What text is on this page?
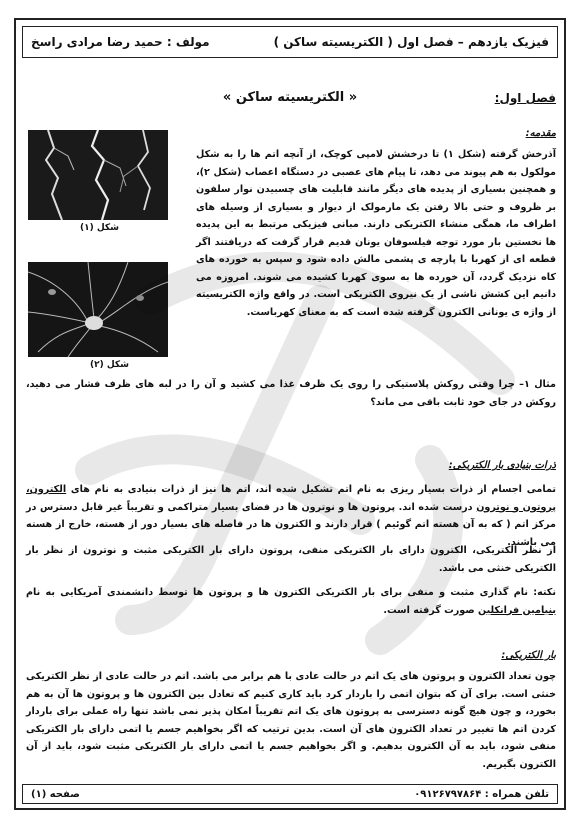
فیزیک یازدهم – فصل اول ( الکتریسیته ساکن )
مولف : حمید رضا مرادی راسخ
فصل اول:
« الکتریسیته ساکن »
مقدمه:
آذرخش گرفته (شکل ۱) تا درخشش لامپی کوچک، از آنچه اتم ها را به شکل مولکول به هم پیوند می دهد، تا پیام های عصبی در دستگاه اعصاب (شکل ۲)، و همچنین بسیاری از پدیده های دیگر مانند قابلیت های چسبیدن نوار سلفون بر ظروف و حتی بالا رفتن یک مارمولک از دیوار و بسیاری از وسیله های اطراف ما، همگی منشاء الکتریکی دارند. مبانی فیزیکی مرتبط به این پدیده ها نخستین بار مورد توجه فیلسوفان یونان قدیم قرار گرفت که دریافتند اگر قطعه ای از کهربا با پارچه ی پشمی مالش داده شود و سپس به خورده های کاه نزدیک گردد، آن خورده ها به سوی کهربا کشیده می شوند. امروزه می دانیم این کشش ناشی از یک نیروی الکتریکی است. در واقع واژه الکتریسیته از واژه ی یونانی الکترون گرفته شده است که به معنای کهرباست.
شکل (۱)
شکل (۲)
مثال ۱– چرا وقتی روکش پلاستیکی را روی یک ظرف غذا می کشید و آن را در لبه های ظرف فشار می دهید، روکش در جای خود ثابت باقی می ماند؟
ذرات بنیادی بار الکتریکی:
تمامی اجسام از ذرات بسیار ریزی به نام اتم تشکیل شده اند، اتم ها نیز از ذرات بنیادی به نام های الکترون، پروتون و نوترون درست شده اند. پروتون ها و نوترون ها در فضای بسیار متراکمی و تقریباً غیر قابل دسترس در مرکز اتم ( که به آن هسته اتم گوئیم ) قرار دارند و الکترون ها در فاصله های بسیار دور از هسته، خارج از هسته می باشند.
از نظر الکتریکی، الکترون دارای بار الکتریکی منفی، پروتون دارای بار الکتریکی مثبت و نوترون از نظر بار الکتریکی خنثی می باشد.
نکته: نام گذاری مثبت و منفی برای بار الکتریکی الکترون ها و پروتون ها توسط دانشمندی آمریکایی به نام بنیامین فرانکلین صورت گرفته است.
بار الکتریکی:
چون تعداد الکترون و پروتون های یک اتم در حالت عادی با هم برابر می باشد. اتم در حالت عادی از نظر الکتریکی خنثی است. برای آن که بتوان اتمی را باردار کرد باید کاری کنیم که تعادل بین الکترون ها و پروتون ها آن به هم بخورد، و چون هیچ گونه دسترسی به پروتون های یک اتم تقریباً امکان پذیر نمی باشد تنها راه عملی برای باردار کردن اتم ها تغییر در تعداد الکترون های آن است. بدین ترتیب که اگر بخواهیم جسم یا اتمی دارای بار الکتریکی منفی شود، باید به آن الکترون بدهیم. و اگر بخواهیم جسم یا اتمی دارای بار الکتریکی مثبت شود، باید از آن الکترون بگیریم.
تلفن همراه : ۰۹۱۲۶۷۹۷۸۶۴
صفحه (۱)
